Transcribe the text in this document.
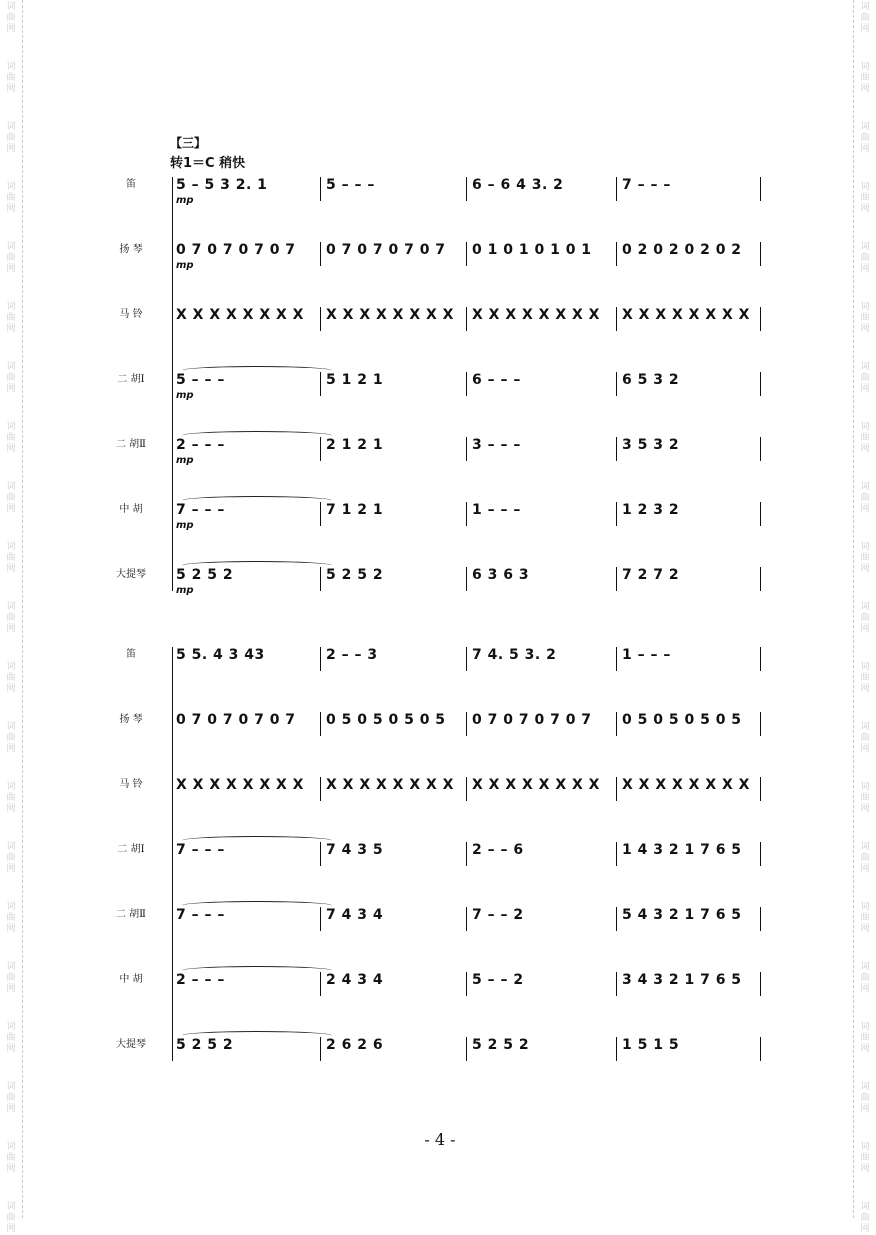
词
曲
网
词
曲
网
词
曲
网
词
曲
网
词
曲
网
词
曲
网
词
曲
网
词
曲
网
词
曲
网
词
曲
网
词
曲
网
词
曲
网
词
曲
网
词
曲
网
词
曲
网
词
曲
网
词
曲
网
词
曲
网
词
曲
网
词
曲
网
词
曲
网
词
曲
网
词
曲
网
词
曲
网
词
曲
网
词
曲
网
词
曲
网
词
曲
网
词
曲
网
词
曲
网
词
曲
网
词
曲
网
词
曲
网
词
曲
网
词
曲
网
词
曲
网
词
曲
网
词
曲
网
词
曲
网
词
曲
网
词
曲
网
词
曲
网
【三】
转1＝C 稍快
笛	5 – 5 3 2. 1	5 – – –	6 – 6 4 3. 2	7 – – –
mp
扬 琴	0 7 0 7 0 7 0 7	0 7 0 7 0 7 0 7	0 1 0 1 0 1 0 1	0 2 0 2 0 2 0 2
mp
马 铃	X X X X X X X X	X X X X X X X X	X X X X X X X X	X X X X X X X X
二 胡Ⅰ	5 – – –	5 1 2 1	6 – – –	6 5 3 2
mp
二 胡Ⅱ	2 – – –	2 1 2 1	3 – – –	3 5 3 2
mp
中 胡	7 – – –	7 1 2 1	1 – – –	1 2 3 2
mp
大提琴	5 2 5 2	5 2 5 2	6 3 6 3	7 2 7 2
mp
笛	5 5. 4 3 43	2 – – 3	7 4. 5 3. 2	1 – – –
扬 琴	0 7 0 7 0 7 0 7	0 5 0 5 0 5 0 5	0 7 0 7 0 7 0 7	0 5 0 5 0 5 0 5
马 铃	X X X X X X X X	X X X X X X X X	X X X X X X X X	X X X X X X X X
二 胡Ⅰ	7 – – –	7 4 3 5	2 – – 6	1 4 3 2 1 7 6 5
二 胡Ⅱ	7 – – –	7 4 3 4	7 – – 2	5 4 3 2 1 7 6 5
中 胡	2 – – –	2 4 3 4	5 – – 2	3 4 3 2 1 7 6 5
大提琴	5 2 5 2	2 6 2 6	5 2 5 2	1 5 1 5
- 4 -
